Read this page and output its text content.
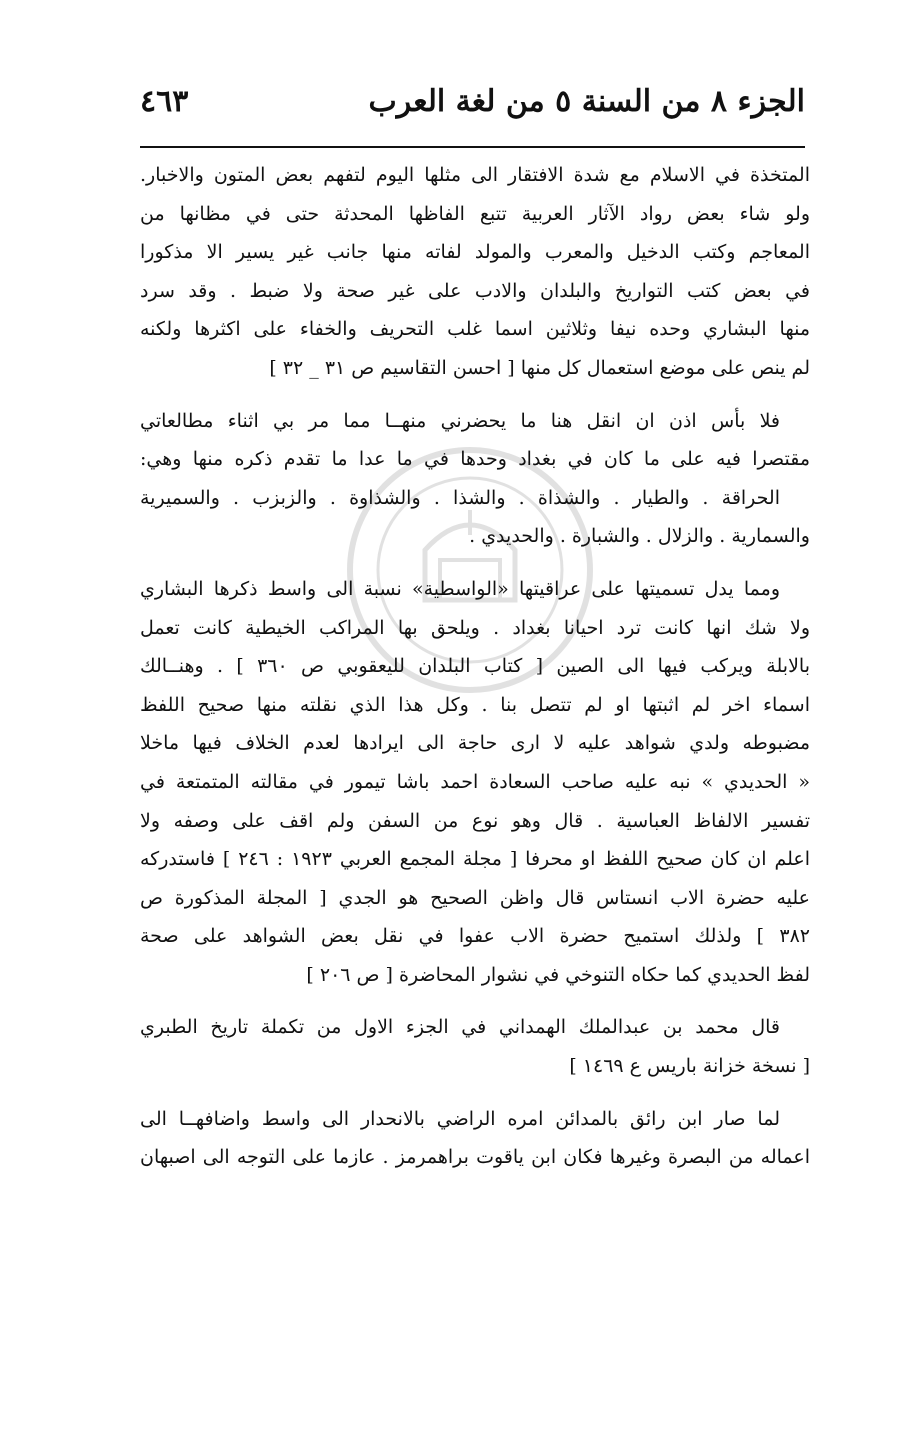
الجزء ٨ من السنة ٥ من لغة العرب
٤٦٣
المتخذة في الاسلام مع شدة الافتقار الى مثلها اليوم لتفهم بعض المتون والاخبار.
ولو شاء بعض رواد الآثار العربية تتبع الفاظها المحدثة حتى في مظانها من
المعاجم وكتب الدخيل والمعرب والمولد لفاته منها جانب غير يسير الا مذكورا
في بعض كتب التواريخ والبلدان والادب على غير صحة ولا ضبط . وقد سرد
منها البشاري وحده نيفا وثلاثين اسما غلب التحريف والخفاء على اكثرها ولكنه
لم ينص على موضع استعمال كل منها [ احسن التقاسيم ص ٣١ _ ٣٢ ]
فلا بأس اذن ان انقل هنا ما يحضرني منهــا مما مر بي اثناء مطالعاتي
مقتصرا فيه على ما كان في بغداد وحدها في ما عدا ما تقدم ذكره منها وهي:
الحراقة . والطيار . والشذاة . والشذا . والشذاوة . والزبزب . والسميرية
والسمارية . والزلال . والشبارة . والحديدي .
ومما يدل تسميتها على عراقيتها «الواسطية» نسبة الى واسط ذكرها البشاري
ولا شك انها كانت ترد احيانا بغداد . ويلحق بها المراكب الخيطية كانت تعمل
بالابلة ويركب فيها الى الصين [ كتاب البلدان لليعقوبي ص ٣٦٠ ] . وهنــالك
اسماء اخر لم اثبتها او لم تتصل بنا . وكل هذا الذي نقلته منها صحيح اللفظ
مضبوطه ولدي شواهد عليه لا ارى حاجة الى ايرادها لعدم الخلاف فيها ماخلا
« الحديدي » نبه عليه صاحب السعادة احمد باشا تيمور في مقالته المتمتعة في
تفسير الالفاظ العباسية . قال وهو نوع من السفن ولم اقف على وصفه ولا
اعلم ان كان صحيح اللفظ او محرفا [ مجلة المجمع العربي ١٩٢٣ : ٢٤٦ ] فاستدركه
عليه حضرة الاب انستاس قال واظن الصحيح هو الجدي [ المجلة المذكورة ص
٣٨٢ ] ولذلك استميح حضرة الاب عفوا في نقل بعض الشواهد على صحة
لفظ الحديدي كما حكاه التنوخي في نشوار المحاضرة [ ص ٢٠٦ ]
قال محمد بن عبدالملك الهمداني في الجزء الاول من تكملة تاريخ الطبري
[ نسخة خزانة باريس ع ١٤٦٩ ]
لما صار ابن رائق بالمدائن امره الراضي بالانحدار الى واسط واضافهــا الى
اعماله من البصرة وغيرها فكان ابن ياقوت براهمرمز . عازما على التوجه الى اصبهان
